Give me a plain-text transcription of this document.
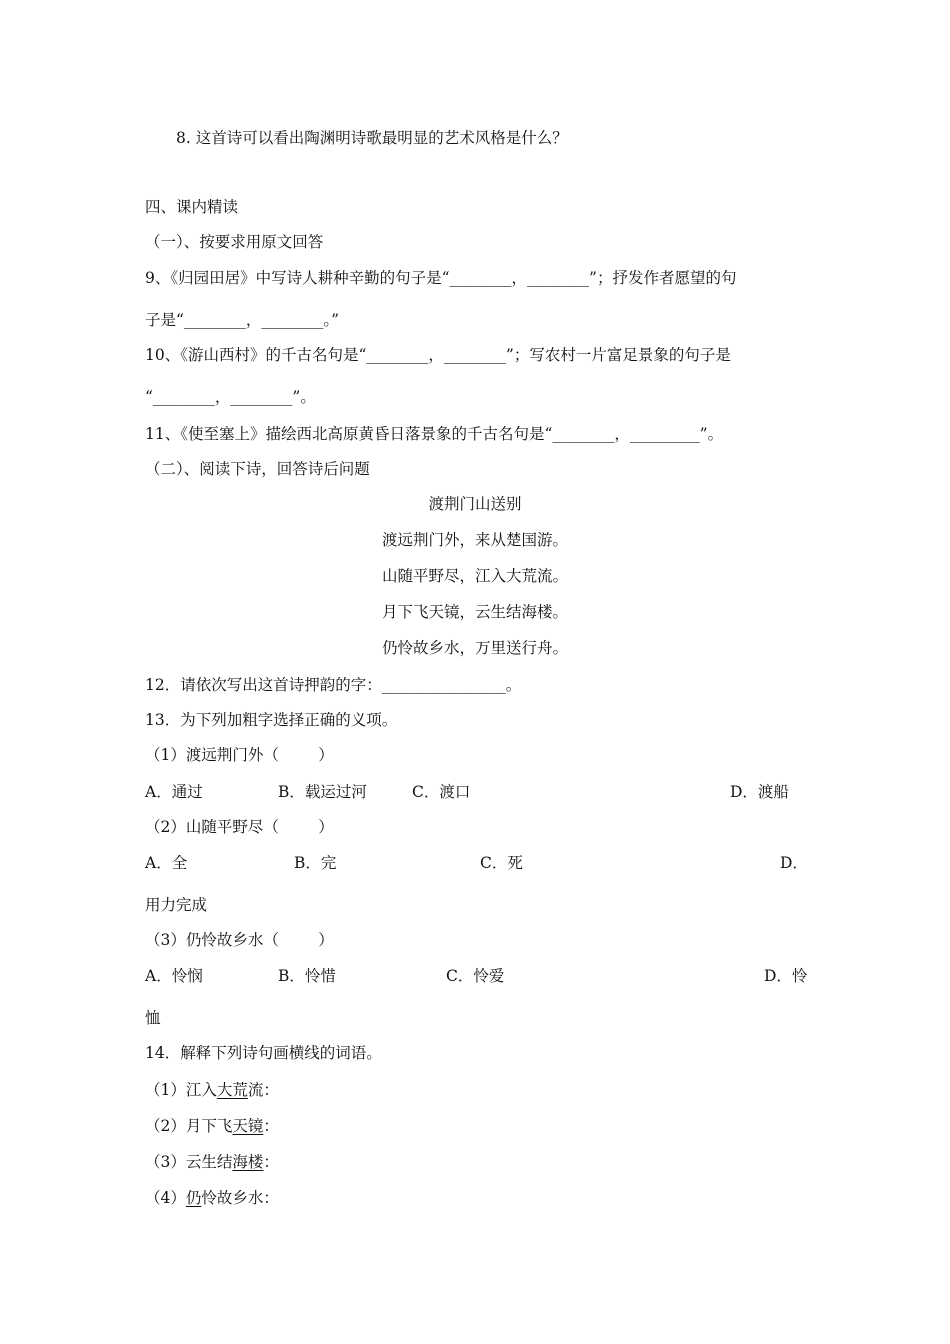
8. 这首诗可以看出陶渊明诗歌最明显的艺术风格是什么？
四、课内精读
（一）、按要求用原文回答
9、《归园田居》中写诗人耕种辛勤的句子是“________，________”；抒发作者愿望的句
子是“________，________。”
10、《游山西村》的千古名句是“________，________”；写农村一片富足景象的句子是
“________，________”。
11、《使至塞上》描绘西北高原黄昏日落景象的千古名句是“________，_________”。
（二）、阅读下诗，回答诗后问题
渡荆门山送别
渡远荆门外，来从楚国游。
山随平野尽，江入大荒流。
月下飞天镜，云生结海楼。
仍怜故乡水，万里送行舟。
12．请依次写出这首诗押韵的字：________________。
13．为下列加粗字选择正确的义项。
（1）渡远荆门外（        ）
A．通过	B．载运过河	C．渡口	D．渡船
（2）山随平野尽（        ）
A．全	B．完	C．死	D．
用力完成
（3）仍怜故乡水（        ）
A．怜悯	B．怜惜	C．怜爱	D．怜
恤
14．解释下列诗句画横线的词语。
（1）江入大荒流：
（2）月下飞天镜：
（3）云生结海楼：
（4）仍怜故乡水：
